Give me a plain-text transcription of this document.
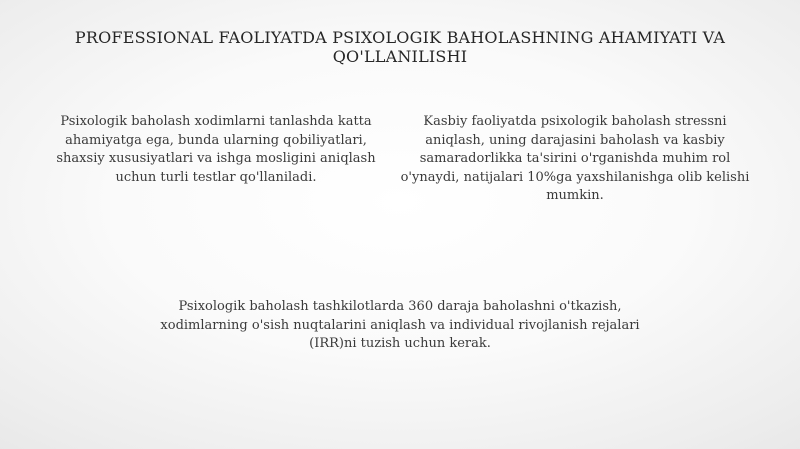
PROFESSIONAL FAOLIYATDA PSIXOLOGIK BAHOLASHNING AHAMIYATI VA QO'LLANILISHI

Psixologik baholash xodimlarni tanlashda katta ahamiyatga ega, bunda ularning qobiliyatlari, shaxsiy xususiyatlari va ishga mosligini aniqlash uchun turli testlar qo'llaniladi.

Kasbiy faoliyatda psixologik baholash stressni aniqlash, uning darajasini baholash va kasbiy samaradorlikka ta'sirini o'rganishda muhim rol o'ynaydi, natijalari 10%ga yaxshilanishga olib kelishi mumkin.

Psixologik baholash tashkilotlarda 360 daraja baholashni o'tkazish, xodimlarning o'sish nuqtalarini aniqlash va individual rivojlanish rejalari (IRR)ni tuzish uchun kerak.
